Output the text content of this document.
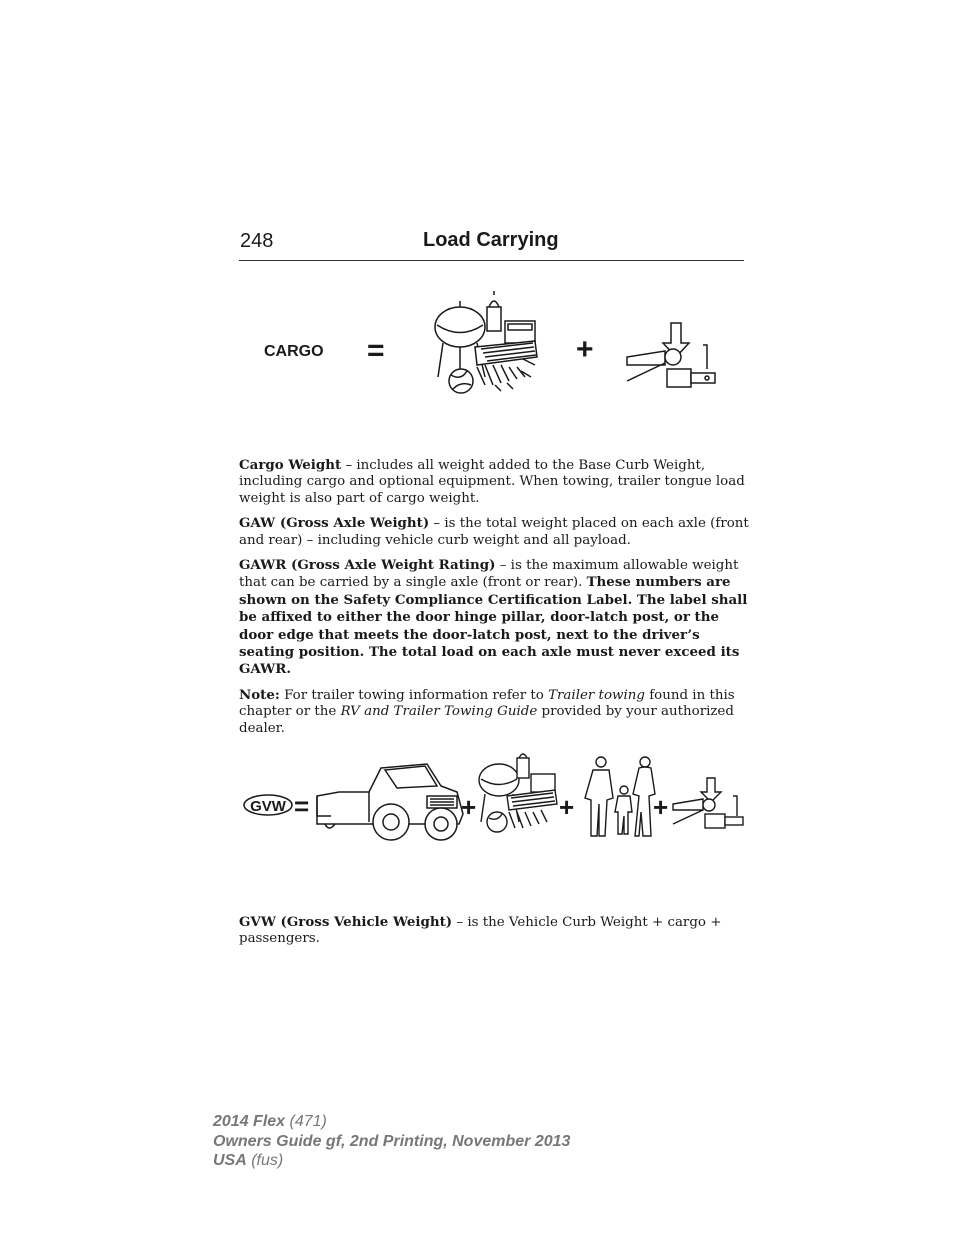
248	Load Carrying
CARGO =	+

Cargo Weight – includes all weight added to the Base Curb Weight, including cargo and optional equipment. When towing, trailer tongue load weight is also part of cargo weight.

GAW (Gross Axle Weight) – is the total weight placed on each axle (front and rear) – including vehicle curb weight and all payload.

GAWR (Gross Axle Weight Rating) – is the maximum allowable weight that can be carried by a single axle (front or rear). These numbers are shown on the Safety Compliance Certification Label. The label shall be affixed to either the door hinge pillar, door-latch post, or the door edge that meets the door-latch post, next to the driver’s seating position. The total load on each axle must never exceed its GAWR.

Note: For trailer towing information refer to Trailer towing found in this chapter or the RV and Trailer Towing Guide provided by your authorized dealer.

GVW =	+	+	+

GVW (Gross Vehicle Weight) – is the Vehicle Curb Weight + cargo + passengers.

2014 Flex (471)
Owners Guide gf, 2nd Printing, November 2013
USA (fus)
